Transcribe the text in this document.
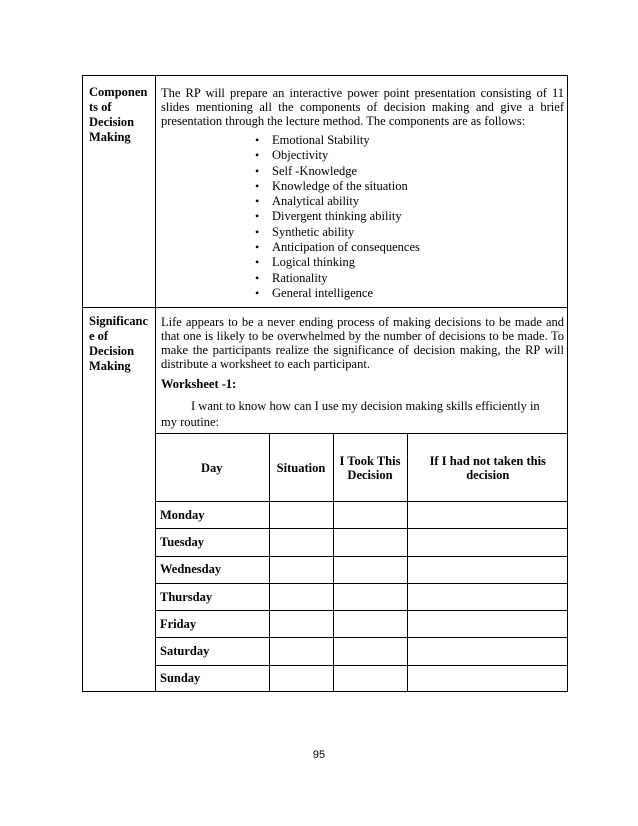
Componen
ts of
Decision
Making
The RP will prepare an interactive power point presentation consisting of 11
slides mentioning all the components of decision making and give a brief
presentation through the lecture method. The components are as follows:
• Emotional Stability
• Objectivity
• Self -Knowledge
• Knowledge of the situation
• Analytical ability
• Divergent thinking ability
• Synthetic ability
• Anticipation of consequences
• Logical thinking
• Rationality
• General intelligence
Significanc
e of
Decision
Making
Life appears to be a never ending process of making decisions to be made and
that one is likely to be overwhelmed by the number of decisions to be made. To
make the participants realize the significance of decision making, the RP will
distribute a worksheet to each participant.
Worksheet -1:
I want to know how can I use my decision making skills efficiently in
my routine:
Day	Situation	I Took This Decision	If I had not taken this decision
Monday			
Tuesday			
Wednesday			
Thursday			
Friday			
Saturday			
Sunday			
95
